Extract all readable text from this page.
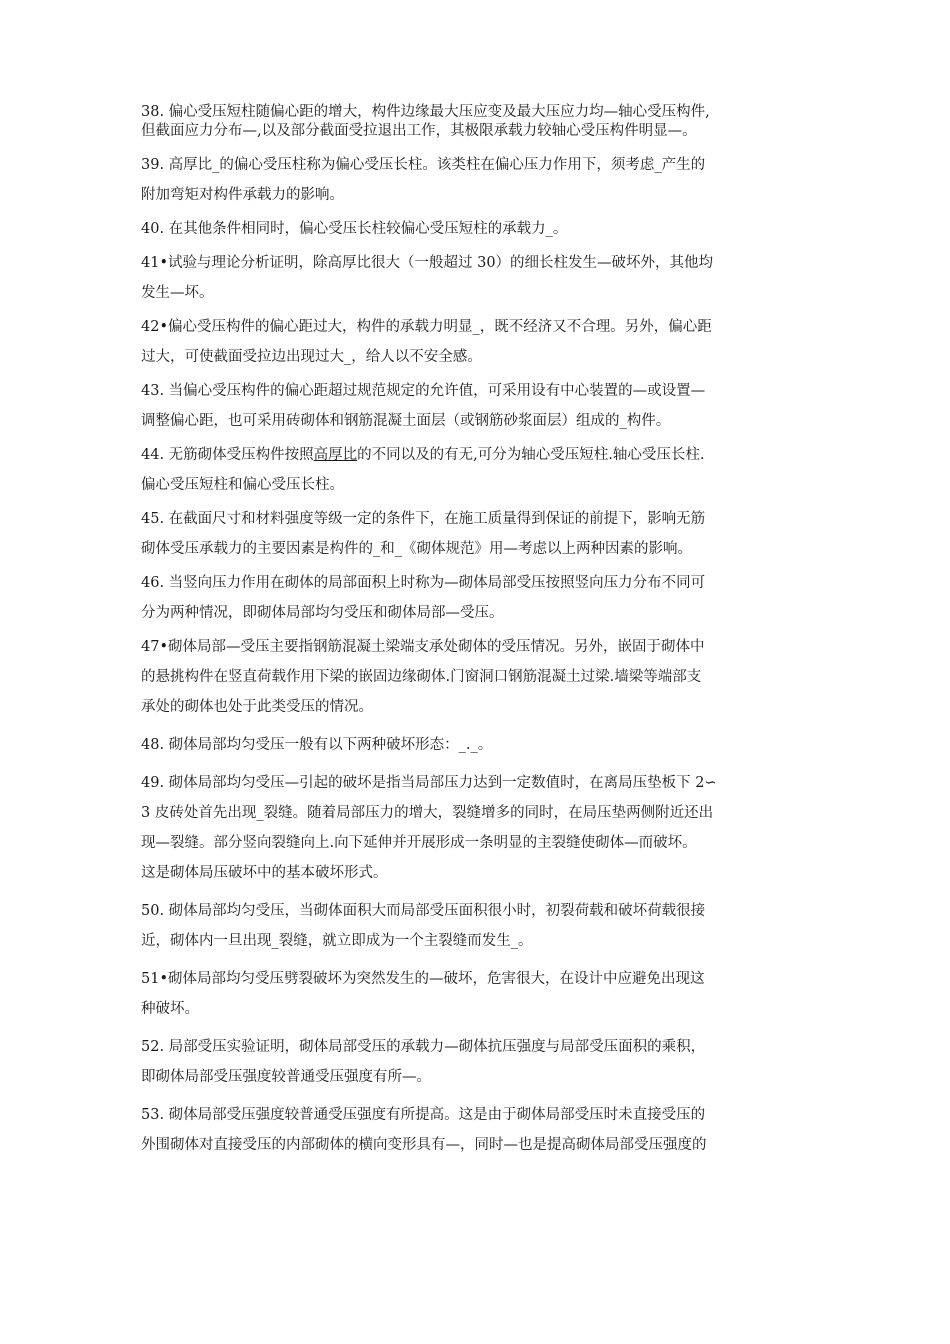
38. 偏心受压短柱随偏心距的增大，构件边缘最大压应变及最大压应力均—轴心受压构件,
但截面应力分布—,以及部分截面受拉退出工作，其极限承载力较轴心受压构件明显—。

39. 高厚比_的偏心受压柱称为偏心受压长柱。该类柱在偏心压力作用下，须考虑_产生的
附加弯矩对构件承载力的影响。

40. 在其他条件相同时，偏心受压长柱较偏心受压短柱的承载力_。

41•试验与理论分析证明，除高厚比很大（一般超过 30）的细长柱发生—破坏外，其他均
发生—坏。

42•偏心受压构件的偏心距过大，构件的承载力明显_，既不经济又不合理。另外，偏心距
过大，可使截面受拉边出现过大_，给人以不安全感。

43. 当偏心受压构件的偏心距超过规范规定的允许值，可采用设有中心装置的—或设置—
调整偏心距，也可采用砖砌体和钢筋混凝土面层（或钢筋砂浆面层）组成的_构件。

44. 无筋砌体受压构件按照高厚比的不同以及的有无,可分为轴心受压短柱.轴心受压长柱.
偏心受压短柱和偏心受压长柱。

45. 在截面尺寸和材料强度等级一定的条件下，在施工质量得到保证的前提下，影响无筋
砌体受压承载力的主要因素是构件的_和_《砌体规范》用—考虑以上两种因素的影响。

46. 当竖向压力作用在砌体的局部面积上时称为—砌体局部受压按照竖向压力分布不同可
分为两种情况，即砌体局部均匀受压和砌体局部—受压。

47•砌体局部—受压主要指钢筋混凝土梁端支承处砌体的受压情况。另外，嵌固于砌体中
的悬挑构件在竖直荷载作用下梁的嵌固边缘砌体.门窗洞口钢筋混凝土过梁.墙梁等端部支
承处的砌体也处于此类受压的情况。

48. 砌体局部均匀受压一般有以下两种破坏形态：_._。

49. 砌体局部均匀受压—引起的破坏是指当局部压力达到一定数值时，在离局压垫板下 2∽
3 皮砖处首先出现_裂缝。随着局部压力的增大，裂缝增多的同时，在局压垫两侧附近还出
现—裂缝。部分竖向裂缝向上.向下延伸并开展形成一条明显的主裂缝使砌体—而破坏。
这是砌体局压破坏中的基本破坏形式。

50. 砌体局部均匀受压，当砌体面积大而局部受压面积很小时，初裂荷载和破坏荷载很接
近，砌体内一旦出现_裂缝，就立即成为一个主裂缝而发生_。

51•砌体局部均匀受压劈裂破坏为突然发生的—破坏，危害很大，在设计中应避免出现这
种破坏。

52. 局部受压实验证明，砌体局部受压的承载力—砌体抗压强度与局部受压面积的乘积，
即砌体局部受压强度较普通受压强度有所—。

53. 砌体局部受压强度较普通受压强度有所提高。这是由于砌体局部受压时未直接受压的
外围砌体对直接受压的内部砌体的横向变形具有—，同时—也是提高砌体局部受压强度的
